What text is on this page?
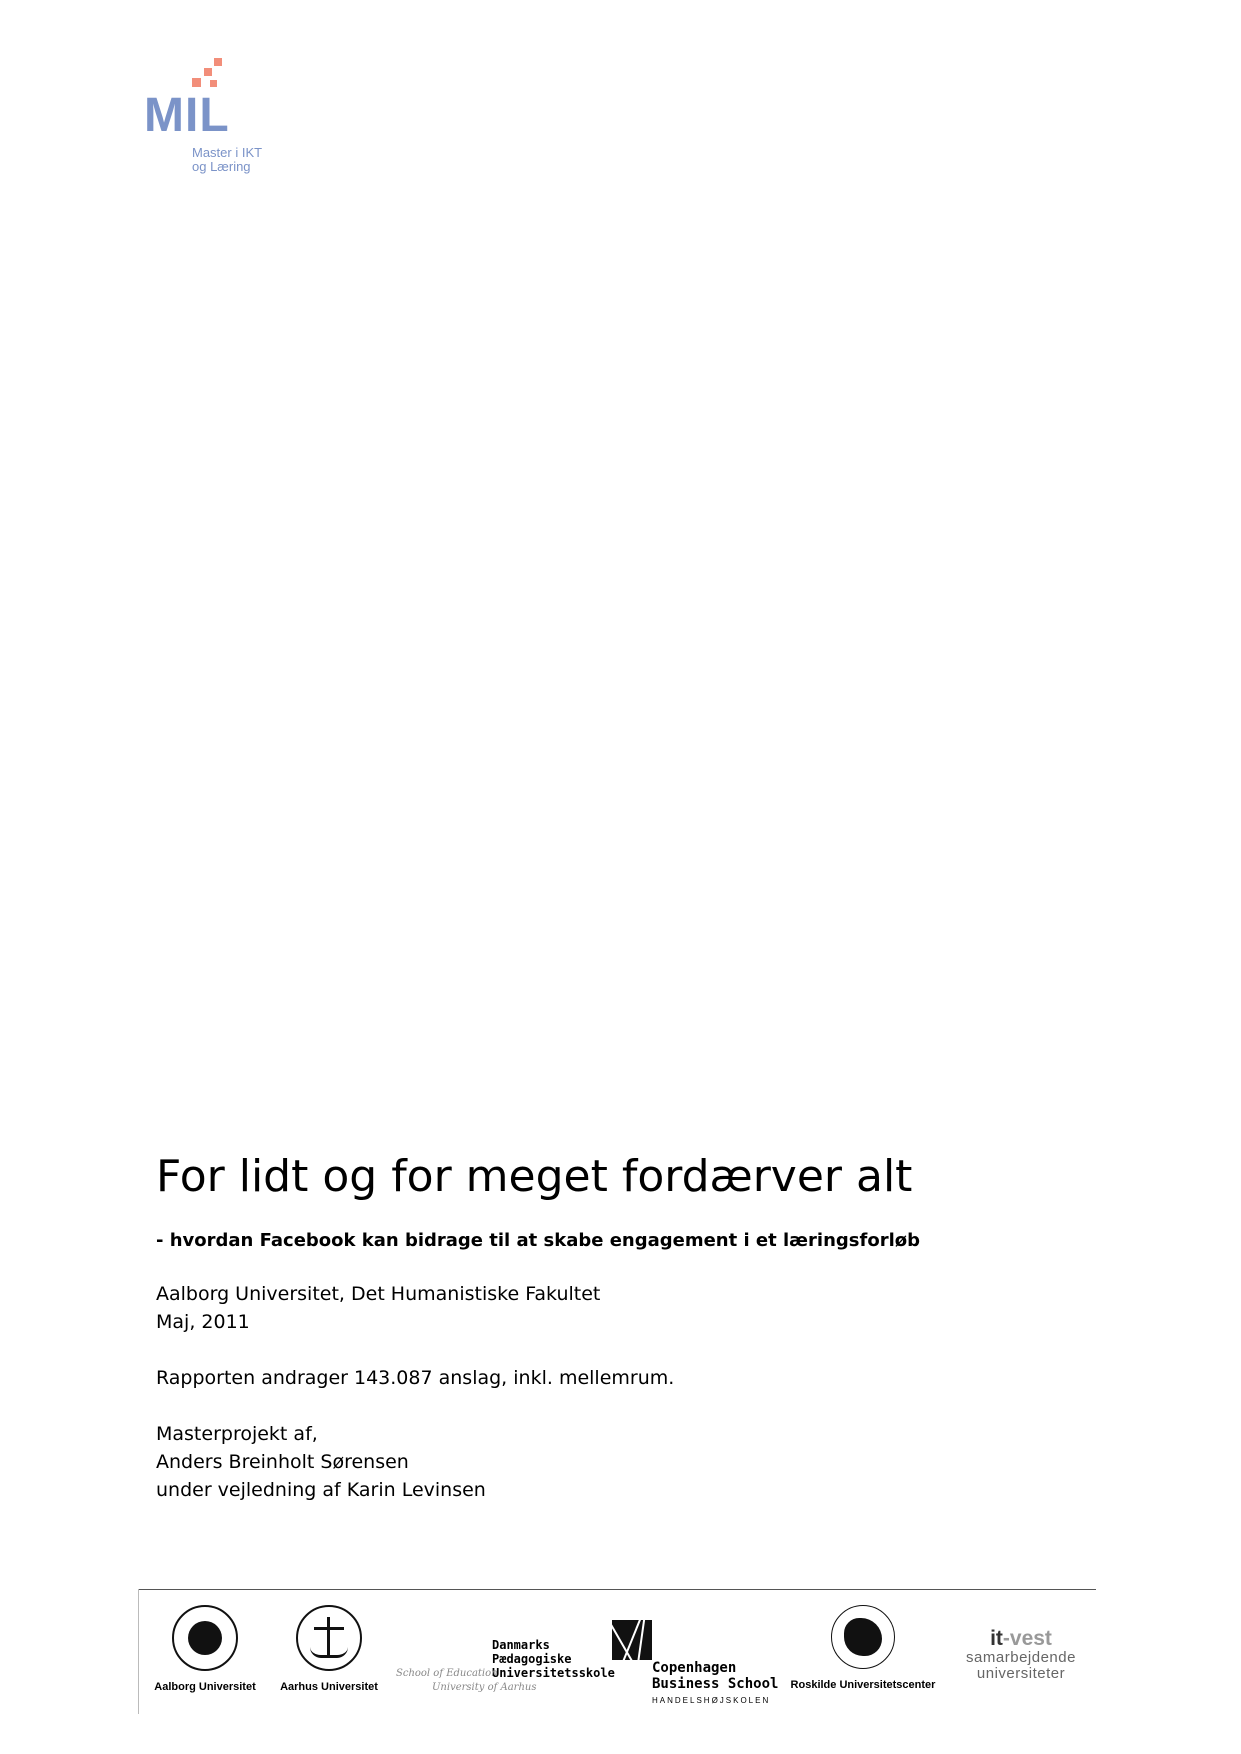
MIL
Master i IKT
og Læring
For lidt og for meget fordærver alt
- hvordan Facebook kan bidrage til at skabe engagement i et læringsforløb

Aalborg Universitet, Det Humanistiske Fakultet

Maj, 2011

Rapporten andrager 143.087 anslag, inkl. mellemrum.

Masterprojekt af,

Anders Breinholt Sørensen

under vejledning af Karin Levinsen

Aalborg Universitet	Aarhus Universitet
Danmarks
Pædagogiske
Universitetsskole
School of Education
University of Aarhus
Copenhagen
Business School
HANDELSHØJSKOLEN
Roskilde Universitetscenter
it-vest
samarbejdende
universiteter
